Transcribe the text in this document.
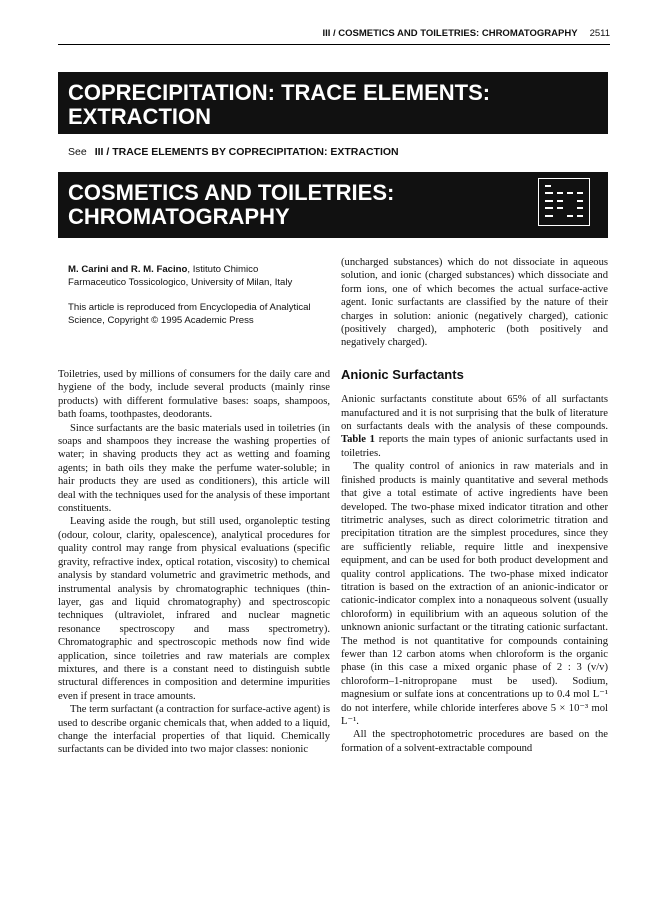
III / COSMETICS AND TOILETRIES: CHROMATOGRAPHY 2511
COPRECIPITATION: TRACE ELEMENTS:
EXTRACTION
See III / TRACE ELEMENTS BY COPRECIPITATION: EXTRACTION
COSMETICS AND TOILETRIES:
CHROMATOGRAPHY
M. Carini and R. M. Facino, Istituto Chimico Farmaceutico Tossicologico, University of Milan, Italy
This article is reproduced from Encyclopedia of Analytical Science, Copyright © 1995 Academic Press

Toiletries, used by millions of consumers for the daily care and hygiene of the body, include several products (mainly rinse products) with different formulative bases: soaps, shampoos, bath foams, toothpastes, deodorants.

Since surfactants are the basic materials used in toiletries (in soaps and shampoos they increase the washing properties of water; in shaving products they act as wetting and foaming agents; in bath oils they make the perfume water-soluble; in hair products they are used as conditioners), this article will deal with the techniques used for the analysis of these important constituents.

Leaving aside the rough, but still used, organoleptic testing (odour, colour, clarity, opalescence), analytical procedures for quality control may range from physical evaluations (specific gravity, refractive index, optical rotation, viscosity) to chemical analysis by standard volumetric and gravimetric methods, and instrumental analysis by chromatographic techniques (thin-layer, gas and liquid chromatography) and spectroscopic techniques (ultraviolet, infrared and nuclear magnetic resonance spectroscopy and mass spectrometry). Chromatographic and spectroscopic methods now find wide application, since toiletries and raw materials are complex mixtures, and there is a constant need to distinguish subtle structural differences in composition and determine impurities even if present in trace amounts.

The term surfactant (a contraction for surface-active agent) is used to describe organic chemicals that, when added to a liquid, change the interfacial properties of that liquid. Chemically surfactants can be divided into two major classes: nonionic

(uncharged substances) which do not dissociate in aqueous solution, and ionic (charged substances) which dissociate and form ions, one of which becomes the actual surface-active agent. Ionic surfactants are classified by the nature of their charges in solution: anionic (negatively charged), cationic (positively charged), amphoteric (both positively and negatively charged).

Anionic Surfactants

Anionic surfactants constitute about 65% of all surfactants manufactured and it is not surprising that the bulk of literature on surfactants deals with the analysis of these compounds. Table 1 reports the main types of anionic surfactants used in toiletries.

The quality control of anionics in raw materials and in finished products is mainly quantitative and several methods that give a total estimate of active ingredients have been developed. The two-phase mixed indicator titration and other titrimetric analyses, such as direct colorimetric titration and precipitation titration are the simplest procedures, since they are sufficiently reliable, require little and inexpensive equipment, and can be used for both product development and quality control applications. The two-phase mixed indicator titration is based on the extraction of an anionic-indicator or cationic-indicator complex into a nonaqueous solvent (usually chloroform) in equilibrium with an aqueous solution of the unknown anionic surfactant or the titrating cationic surfactant. The method is not quantitative for compounds containing fewer than 12 carbon atoms when chloroform is the organic phase (in this case a mixed organic phase of 2 : 3 (v/v) chloroform–1-nitropropane must be used). Sodium, magnesium or sulfate ions at concentrations up to 0.4 mol L⁻¹ do not interfere, while chloride interferes above 5 × 10⁻³ mol L⁻¹.

All the spectrophotometric procedures are based on the formation of a solvent-extractable compound
